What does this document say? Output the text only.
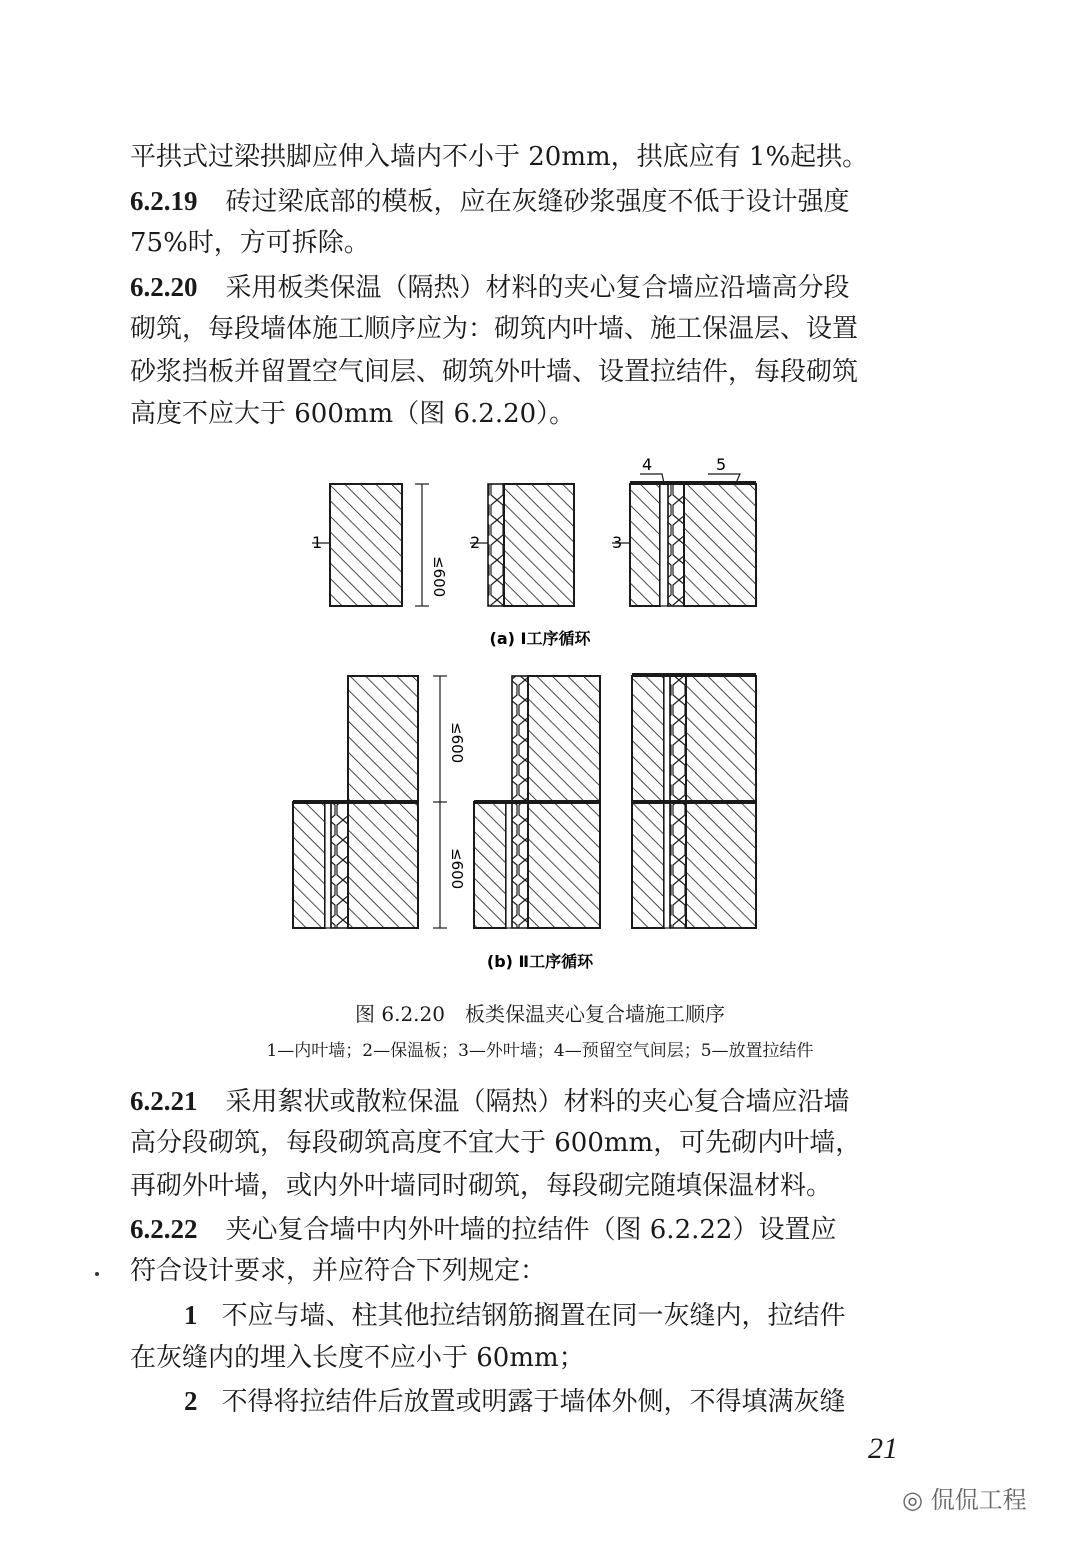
平拱式过梁拱脚应伸入墙内不小于 20mm，拱底应有 1%起拱。
6.2.19 砖过梁底部的模板，应在灰缝砂浆强度不低于设计强度
75%时，方可拆除。
6.2.20 采用板类保温（隔热）材料的夹心复合墙应沿墙高分段
砌筑，每段墙体施工顺序应为：砌筑内叶墙、施工保温层、设置
砂浆挡板并留置空气间层、砌筑外叶墙、设置拉结件，每段砌筑
高度不应大于 600mm（图 6.2.20）。
1
≤600
2	3
4	5
(a) Ⅰ工序循环
≤600
≤600
(b) Ⅱ工序循环
图 6.2.20　板类保温夹心复合墙施工顺序
1—内叶墙；2—保温板；3—外叶墙；4—预留空气间层；5—放置拉结件
6.2.21 采用絮状或散粒保温（隔热）材料的夹心复合墙应沿墙
高分段砌筑，每段砌筑高度不宜大于 600mm，可先砌内叶墙，
再砌外叶墙，或内外叶墙同时砌筑，每段砌完随填保温材料。
6.2.22 夹心复合墙中内外叶墙的拉结件（图 6.2.22）设置应
符合设计要求，并应符合下列规定：
1 不应与墙、柱其他拉结钢筋搁置在同一灰缝内，拉结件
在灰缝内的埋入长度不应小于 60mm；
2 不得将拉结件后放置或明露于墙体外侧，不得填满灰缝
21
◎ 侃侃工程
